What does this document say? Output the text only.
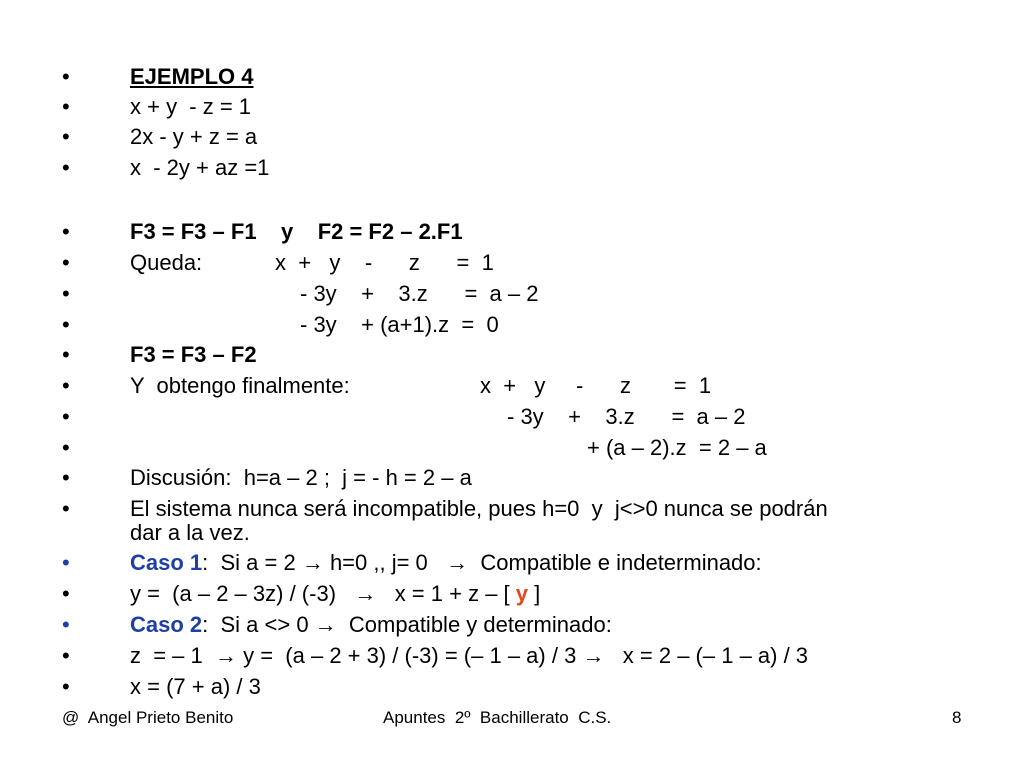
•

	EJEMPLO 4

•

	x + y  - z = 1

•

	2x - y + z = a

•

	x  - 2y + az =1

•

	F3 = F3 – F1    y    F2 = F2 – 2.F1

•

	Queda:

	x  +   y    -      z      =  1

•

	- 3y    +    3.z      =  a – 2

•

	- 3y    + (a+1).z  =  0

•

	F3 = F3 – F2

•

	Y  obtengo finalmente:

	x  +   y     -      z       =  1

•

	- 3y    +    3.z      =  a – 2

•

	+ (a – 2).z  = 2 – a

•

	Discusión:  h=a – 2 ;  j = - h = 2 – a

•

	El sistema nunca será incompatible, pues h=0  y  j<>0 nunca se podrán

dar a la vez.

•

	Caso 1:  Si a = 2 → h=0 ,, j= 0   →  Compatible e indeterminado:

•

	y =  (a – 2 – 3z) / (-3)   →   x = 1 + z – [ y ]

•

	Caso 2:  Si a <> 0 →  Compatible y determinado:

•

	z  = – 1  → y =  (a – 2 + 3) / (-3) = (– 1 – a) / 3 →   x = 2 – (– 1 – a) / 3

•

	x = (7 + a) / 3

@  Angel Prieto Benito	Apuntes  2º  Bachillerato  C.S.	8
